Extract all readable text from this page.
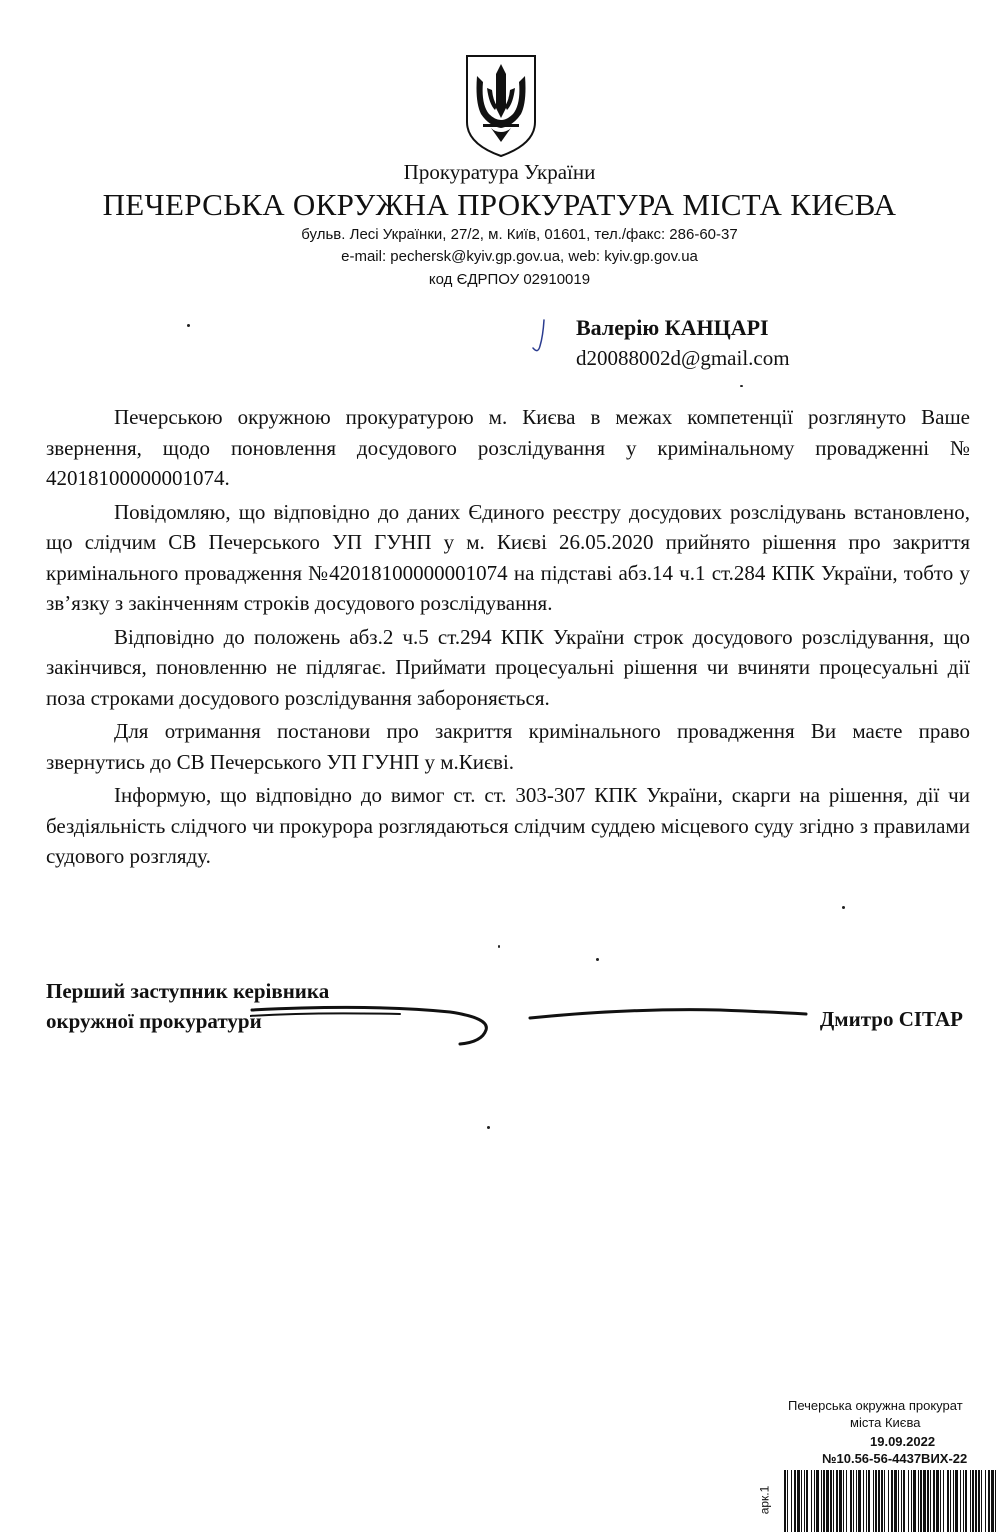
Прокуратура України
ПЕЧЕРСЬКА ОКРУЖНА ПРОКУРАТУРА МІСТА КИЄВА
бульв. Лесі Українки, 27/2, м. Київ, 01601, тел./факс: 286-60-37
e-mail: pechersk@kyiv.gp.gov.ua, web: kyiv.gp.gov.ua
код ЄДРПОУ 02910019
Валерію КАНЦАРІ
d20088002d@gmail.com

Печерською окружною прокуратурою м. Києва в межах компетенції розглянуто Ваше звернення, щодо поновлення досудового розслідування у кримінальному провадженні № 42018100000001074.

Повідомляю, що відповідно до даних Єдиного реєстру досудових розслідувань встановлено, що слідчим СВ Печерського УП ГУНП у м. Києві 26.05.2020 прийнято рішення про закриття кримінального провадження №42018100000001074 на підставі абз.14 ч.1 ст.284 КПК України, тобто у зв’язку з закінченням строків досудового розслідування.

Відповідно до положень абз.2 ч.5 ст.294 КПК України строк досудового розслідування, що закінчився, поновленню не підлягає. Приймати процесуальні рішення чи вчиняти процесуальні дії поза строками досудового розслідування забороняється.

Для отримання постанови про закриття кримінального провадження Ви маєте право звернутись до СВ Печерського УП ГУНП у м.Києві.

Інформую, що відповідно до вимог ст. ст. 303-307 КПК України, скарги на рішення, дії чи бездіяльність слідчого чи прокурора розглядаються слідчим суддею місцевого суду згідно з правилами судового розгляду.

Перший заступник керівника
окружної прокуратури	Дмитро СІТАР
Печерська окружна прокурат
міста Києва
19.09.2022
№10.56-56-4437ВИХ-22
арк.1
